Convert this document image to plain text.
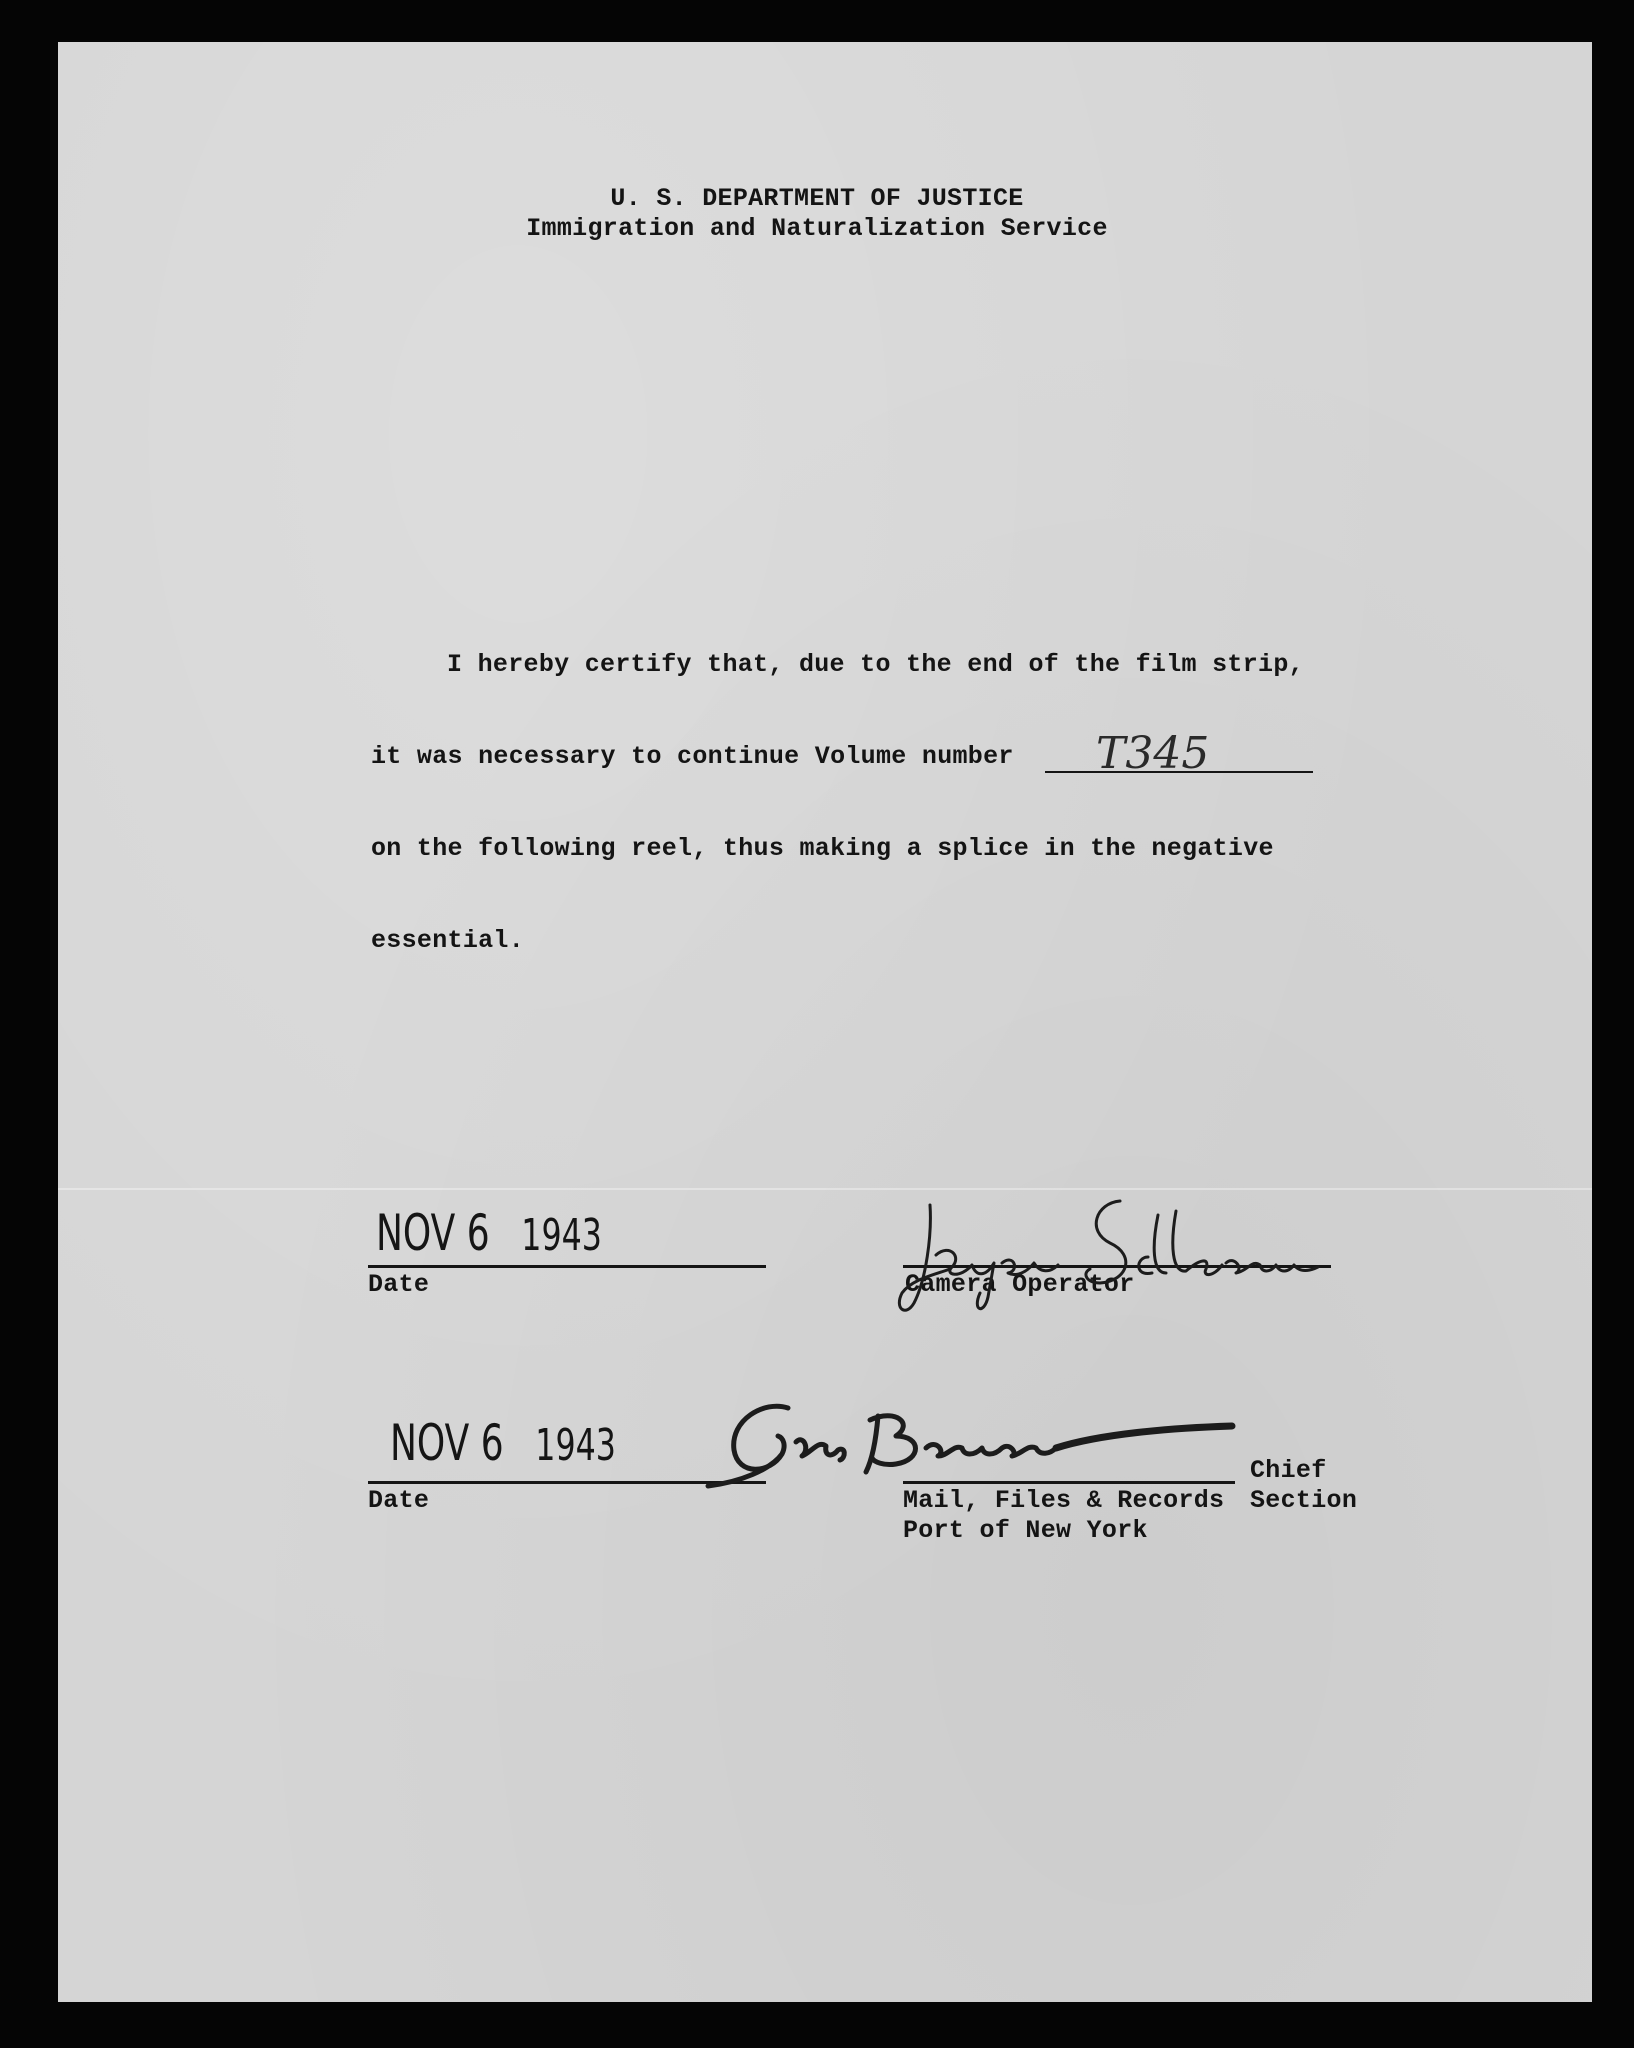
U. S. DEPARTMENT OF JUSTICE
Immigration and Naturalization Service
I hereby certify that, due to the end of the film strip,
it was necessary to continue Volume number T345
on the following reel, thus making a splice in the negative
essential.
NOV 6 1943
Date	Camera Operator
NOV 6 1943
Date
Chief
Mail, Files & Records Section
Port of New York
